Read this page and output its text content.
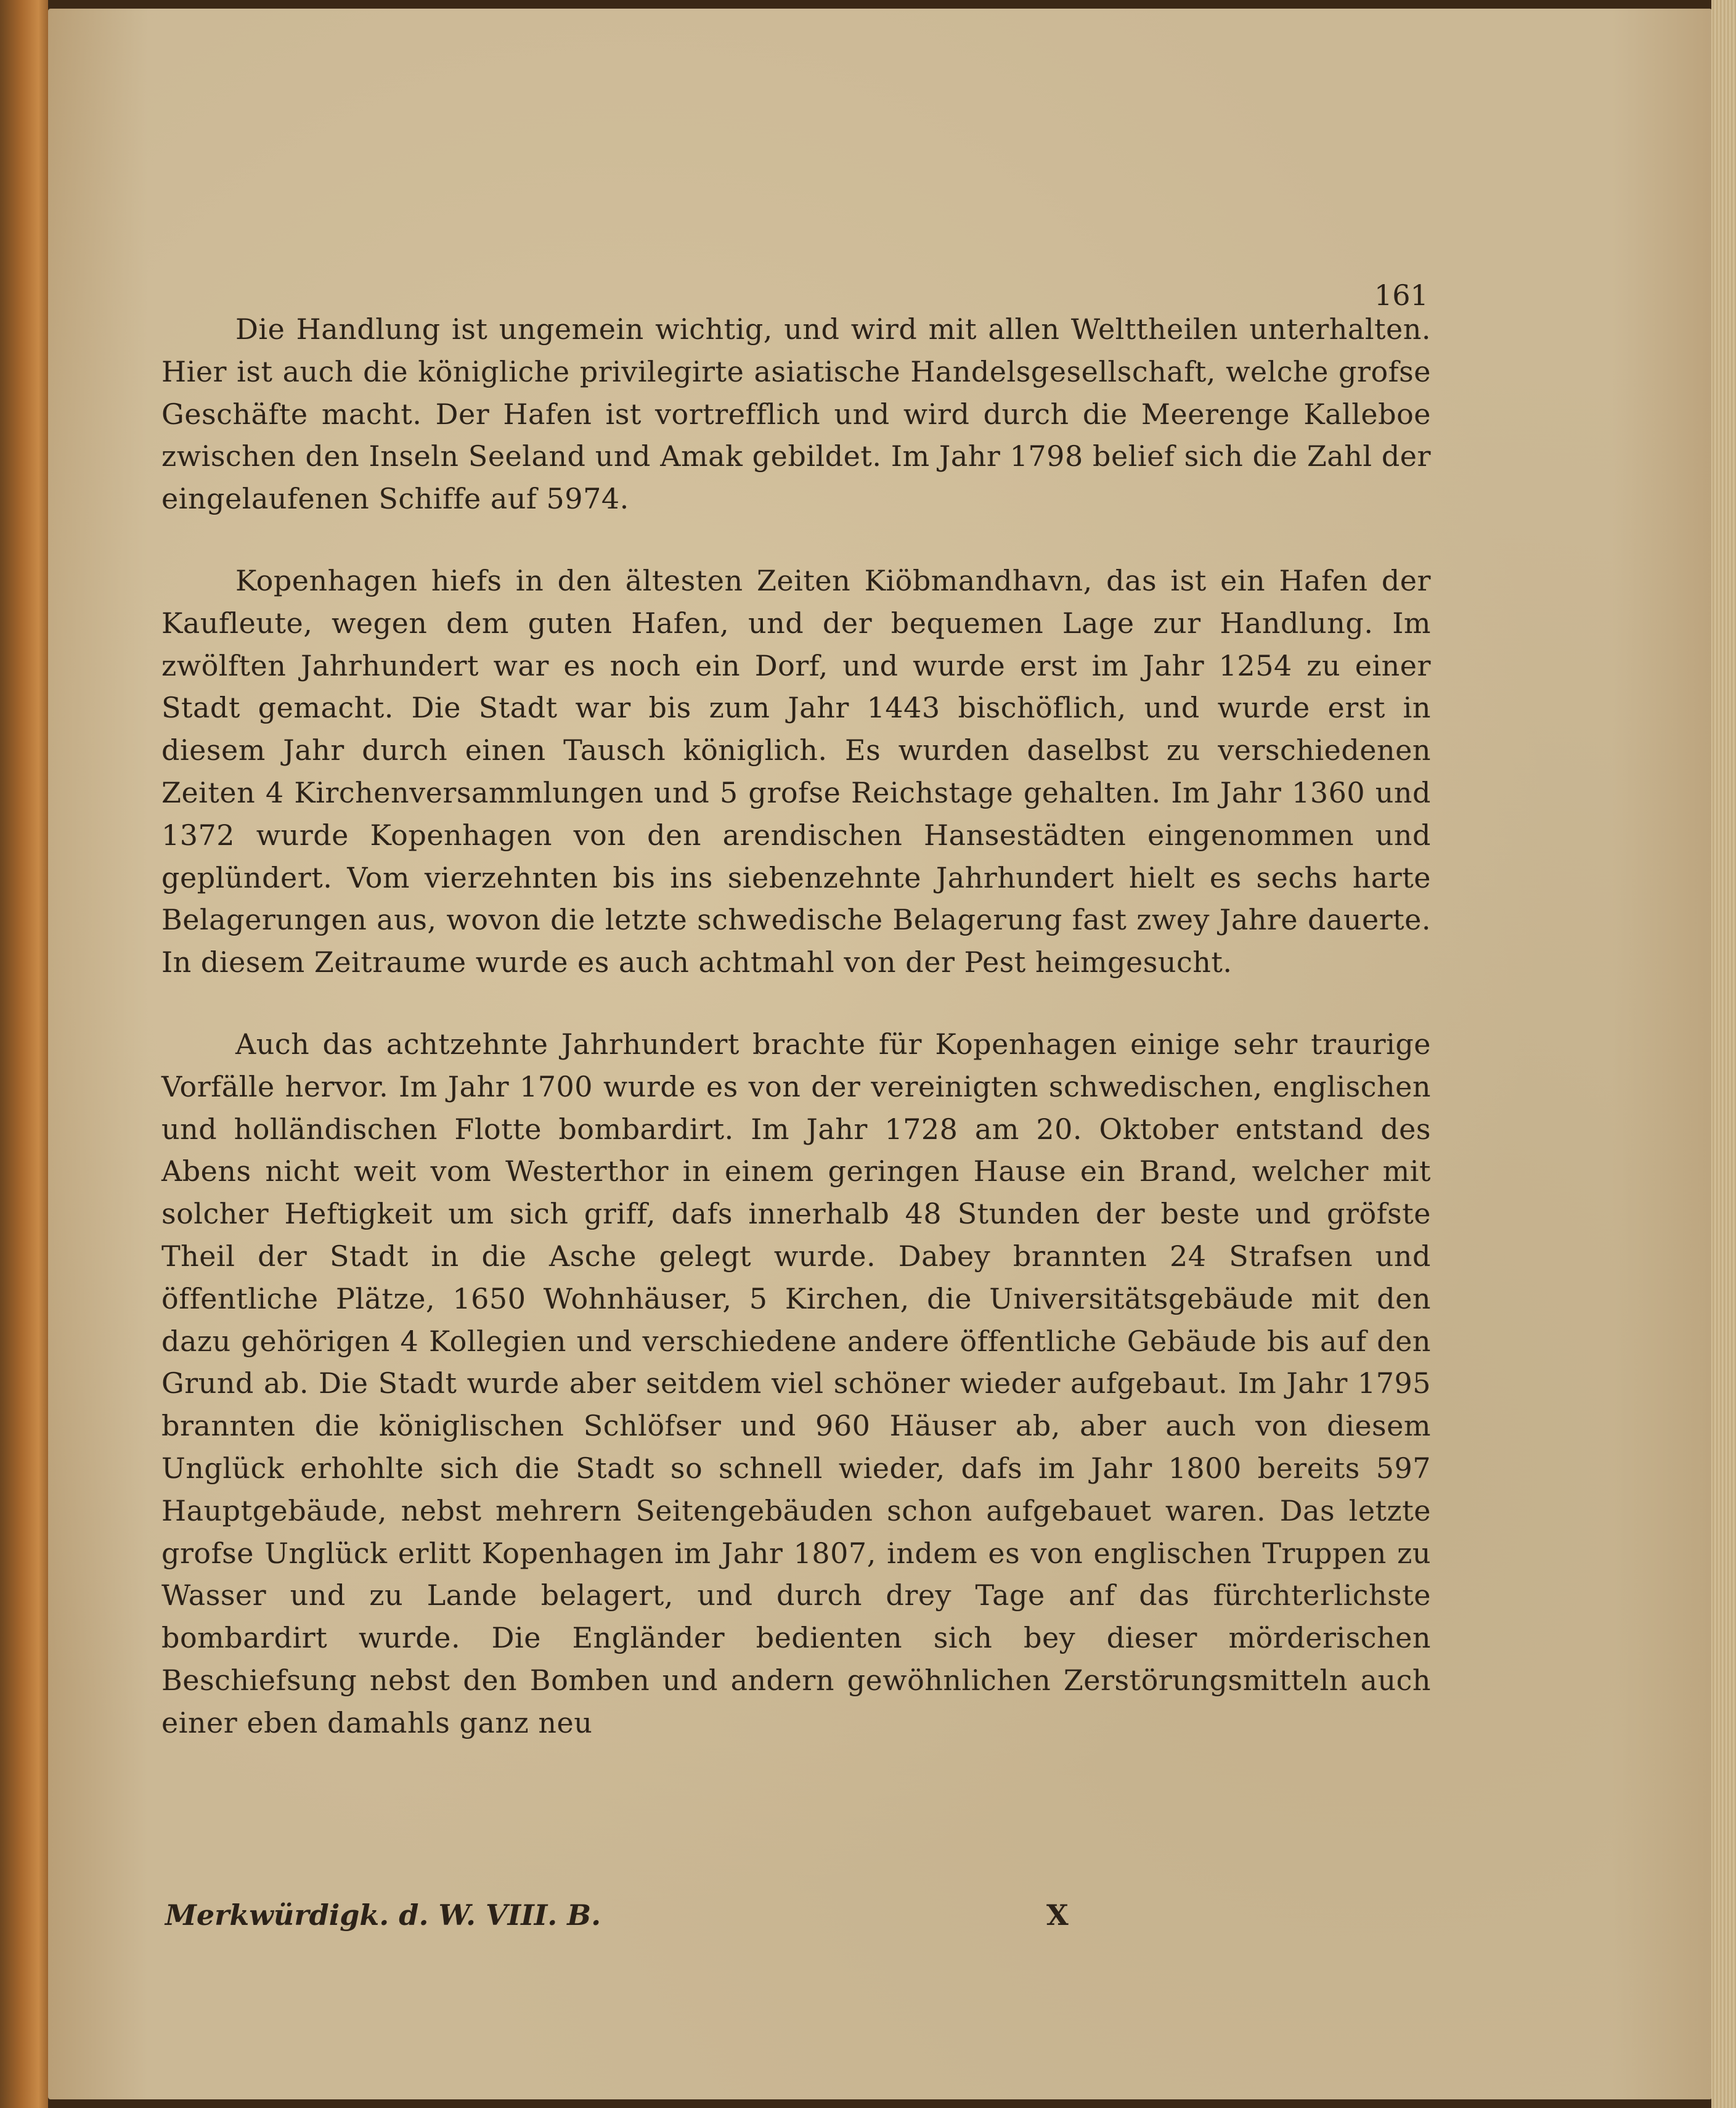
161

Die Handlung ist ungemein wichtig, und wird mit allen Welttheilen unterhalten. Hier ist auch die königliche privilegirte asiatische Handelsgesellschaft, welche grofse Geschäfte macht. Der Hafen ist vortrefflich und wird durch die Meerenge Kalleboe zwischen den Inseln Seeland und Amak gebildet. Im Jahr 1798 belief sich die Zahl der eingelaufenen Schiffe auf 5974.

Kopenhagen hiefs in den ältesten Zeiten Kiöbmandhavn, das ist ein Hafen der Kaufleute, wegen dem guten Hafen, und der bequemen Lage zur Handlung. Im zwölften Jahrhundert war es noch ein Dorf, und wurde erst im Jahr 1254 zu einer Stadt gemacht. Die Stadt war bis zum Jahr 1443 bischöflich, und wurde erst in diesem Jahr durch einen Tausch königlich. Es wurden daselbst zu verschiedenen Zeiten 4 Kirchenversammlungen und 5 grofse Reichstage gehalten. Im Jahr 1360 und 1372 wurde Kopenhagen von den arendischen Hansestädten eingenommen und geplündert. Vom vierzehnten bis ins siebenzehnte Jahrhundert hielt es sechs harte Belagerungen aus, wovon die letzte schwedische Belagerung fast zwey Jahre dauerte. In diesem Zeitraume wurde es auch achtmahl von der Pest heimgesucht.

Auch das achtzehnte Jahrhundert brachte für Kopenhagen einige sehr traurige Vorfälle hervor. Im Jahr 1700 wurde es von der vereinigten schwedischen, englischen und holländischen Flotte bombardirt. Im Jahr 1728 am 20. Oktober entstand des Abens nicht weit vom Westerthor in einem geringen Hause ein Brand, welcher mit solcher Heftigkeit um sich griff, dafs innerhalb 48 Stunden der beste und gröfste Theil der Stadt in die Asche gelegt wurde. Dabey brannten 24 Strafsen und öffentliche Plätze, 1650 Wohnhäuser, 5 Kirchen, die Universitätsgebäude mit den dazu gehörigen 4 Kollegien und verschiedene andere öffentliche Gebäude bis auf den Grund ab. Die Stadt wurde aber seitdem viel schöner wieder aufgebaut. Im Jahr 1795 brannten die königlischen Schlöfser und 960 Häuser ab, aber auch von diesem Unglück erhohlte sich die Stadt so schnell wieder, dafs im Jahr 1800 bereits 597 Hauptgebäude, nebst mehrern Seitengebäuden schon aufgebauet waren. Das letzte grofse Unglück erlitt Kopenhagen im Jahr 1807, indem es von englischen Truppen zu Wasser und zu Lande belagert, und durch drey Tage anf das fürchterlichste bombardirt wurde. Die Engländer bedienten sich bey dieser mörderischen Beschiefsung nebst den Bomben und andern gewöhnlichen Zerstörungsmitteln auch einer eben damahls ganz neu

Merkwürdigk. d. W. VIII. B.	X
